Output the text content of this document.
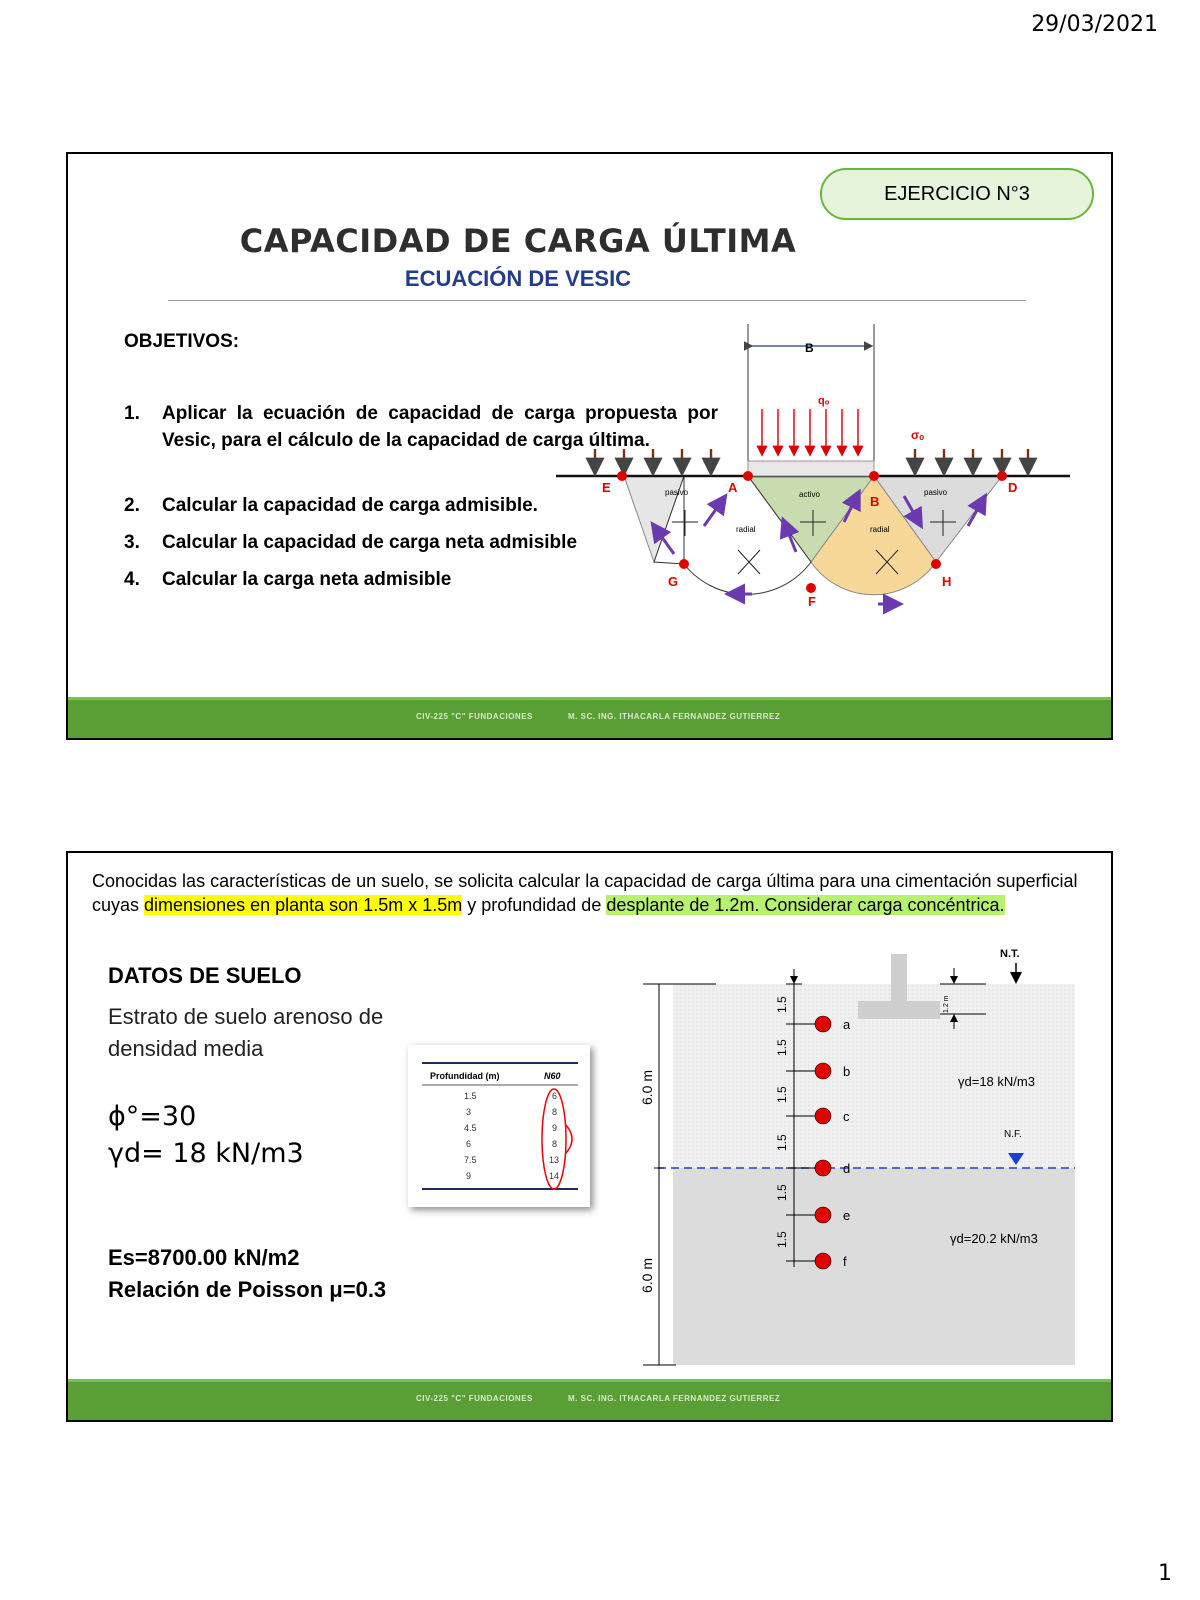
29/03/2021
EJERCICIO N°3
CAPACIDAD DE CARGA ÚLTIMA
ECUACIÓN DE VESIC
OBJETIVOS:
1. Aplicar la ecuación de capacidad de carga propuesta por Vesic, para el cálculo de la capacidad de carga última.
2. Calcular la capacidad de carga admisible.
3. Calcular la capacidad de carga neta admisible
4. Calcular la carga neta admisible
B
qₒ
σₒ
pasivo	activo	pasivo
radial	radial
E	A
B
D
G
F
H
CIV-225 "C" FUNDACIONES	M. SC. ING. ITHACARLA FERNANDEZ GUTIERREZ
Conocidas las características de un suelo, se solicita calcular la capacidad de carga última para una cimentación superficial cuyas dimensiones en planta son 1.5m x 1.5m y profundidad de desplante de 1.2m. Considerar carga concéntrica.
DATOS DE SUELO
Estrato de suelo arenoso de densidad media
ϕ°=30
γd= 18 kN/m3
Es=8700.00 kN/m2
Relación de Poisson μ=0.3
Profundidad (m)	N60
1.5	6
3	8
4.5	9
6	8
7.5	13
9	14
6.0 m
6.0 m
1.5
1.5
1.5
1.5
1.5
1.5
1.2 m
N.T.
N.F.
γd=18 kN/m3
γd=20.2 kN/m3
a
b
c
d
e
f
CIV-225 "C" FUNDACIONES	M. SC. ING. ITHACARLA FERNANDEZ GUTIERREZ
1
